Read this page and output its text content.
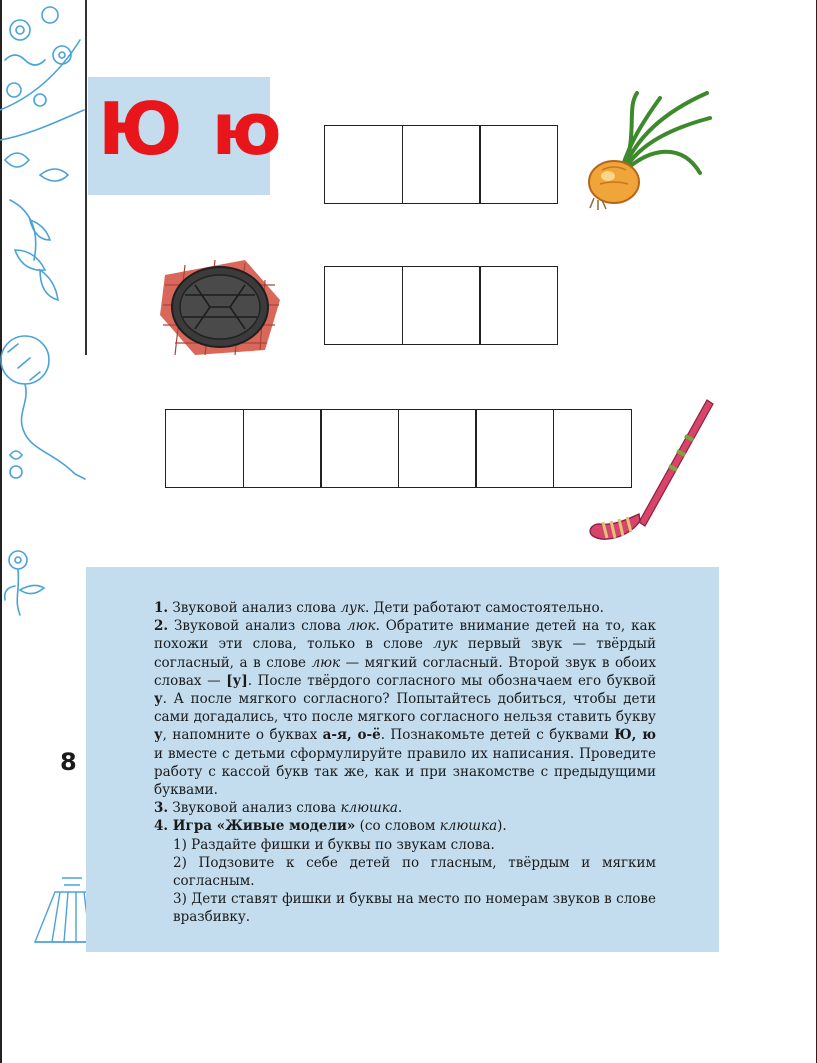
Ю ю

1. Звуковой анализ слова лук. Дети работают самостоятельно.

2. Звуковой анализ слова люк. Обратите внимание детей на то, как похожи эти слова, только в слове лук первый звук — твёрдый согласный, а в слове люк — мягкий согласный. Второй звук в обоих словах — [у]. После твёрдого согласного мы обозначаем его буквой у. А после мягкого согласного? Попытайтесь добиться, чтобы дети сами догадались, что после мягкого согласного нельзя ставить букву у, напомните о буквах а-я, о-ё. Познакомьте детей с буквами Ю, ю и вместе с детьми сформулируйте правило их написания. Проведите работу с кассой букв так же, как и при знакомстве с предыдущими буквами.

3. Звуковой анализ слова клюшка.

4. Игра «Живые модели» (со словом клюшка).

1) Раздайте фишки и буквы по звукам слова.

2) Подзовите к себе детей по гласным, твёрдым и мягким согласным.

3) Дети ставят фишки и буквы на место по номерам звуков в слове вразбивку.

8
